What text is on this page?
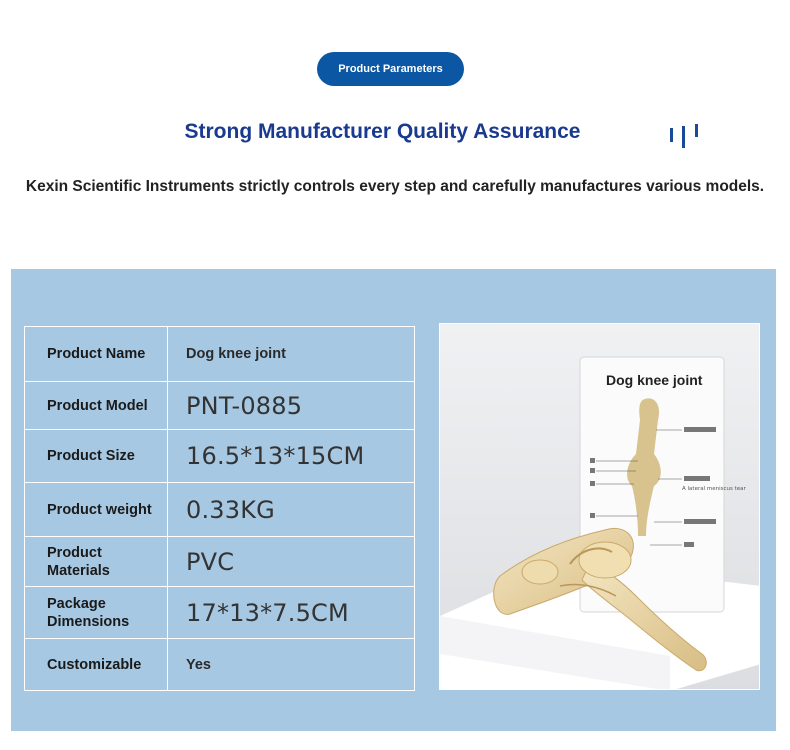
Product Parameters
Strong Manufacturer Quality Assurance
Kexin Scientific Instruments strictly controls every step and carefully manufactures various models.
Product Name	Dog knee joint
Product Model	PNT-0885
Product Size	16.5*13*15CM
Product weight	0.33KG
Product Materials	PVC
Package Dimensions	17*13*7.5CM
Customizable	Yes
A lateral meniscus tear
Dog knee joint
